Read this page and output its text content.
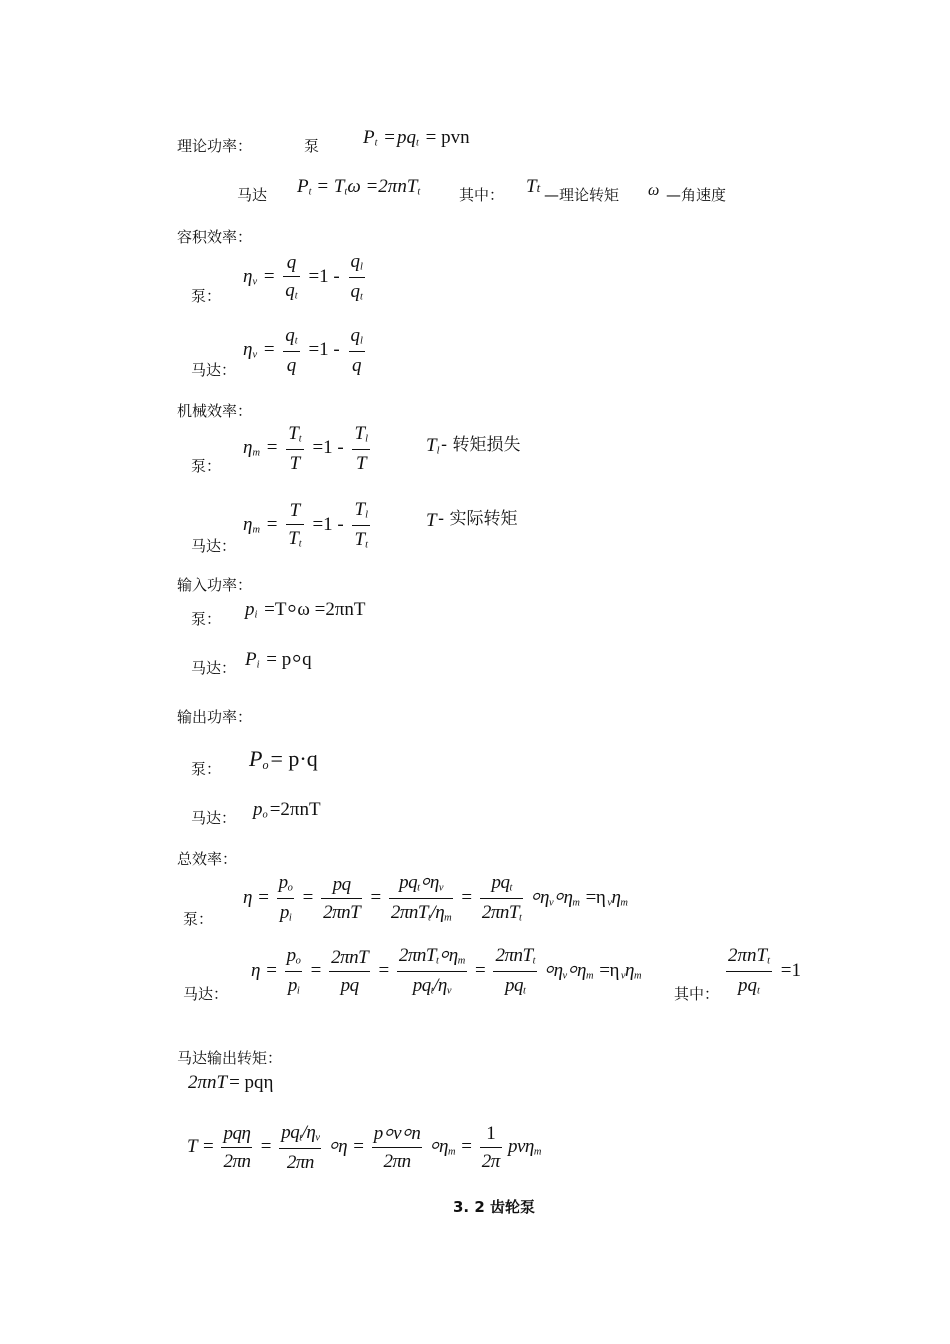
理论功率：	泵 $P_t = pq_t$ = pvn
马达 $P_t = T_t\omega =2\pi nT_t$	其中： Tt —理论转矩 ω —角速度
容积效率：
泵：
$\eta_v = \frac{q}{q_t} =1 - \frac{q_l}{q_t}$
马达：
$\eta_v = \frac{q_t}{q} =1 - \frac{q_l}{q}$
机械效率：
泵：
$\eta_m = \frac{T_t}{T} =1 - \frac{T_l}{T}$	$T_l$ - 转矩损失
马达：
$\eta_m = \frac{T}{T_t} =1 - \frac{T_l}{T_t}$	T - 实际转矩
输入功率：
泵： $p_i$ =T⸰ω =2πnT
马达： $P_i$ = p⸰q
输出功率：
泵： $P_o= p\cdot q$
马达： $p_o =2\pi nT$
总效率：
泵：
$\eta = \frac{p_o}{p_i} = \frac{pq}{\text{2πnT}} = \frac{pq_t⸰\eta_v}{2\pi nT_t/\eta_m} = \frac{pq_t}{2\pi nT_t}$ $⸰\eta_v⸰\eta_m =\eta$ $_v\eta_m$
马达：
$\eta = \frac{p_o}{p_i} = \frac{\text{2πnT}}{pq} = \frac{2\pi nT_t⸰\eta_m}{pq_t/\eta_v} = \frac{2\pi nT_t}{pq_t}$ $⸰\eta_v⸰\eta_m =\eta$ $_v\eta_m$
其中： $\frac{2\pi nT_t}{pq_t} =1$
马达输出转矩：
2πnT = pqη
$T = \frac{\text{pqη}}{2\pi n} = \frac{pq_t/\eta_v}{2\pi n}$ ⸰η = $\frac{p⸰v⸰n}{2\pi n}$ $⸰\eta_m = \frac{1}{2\pi} pv\eta_m$
3. 2 齿轮泵
